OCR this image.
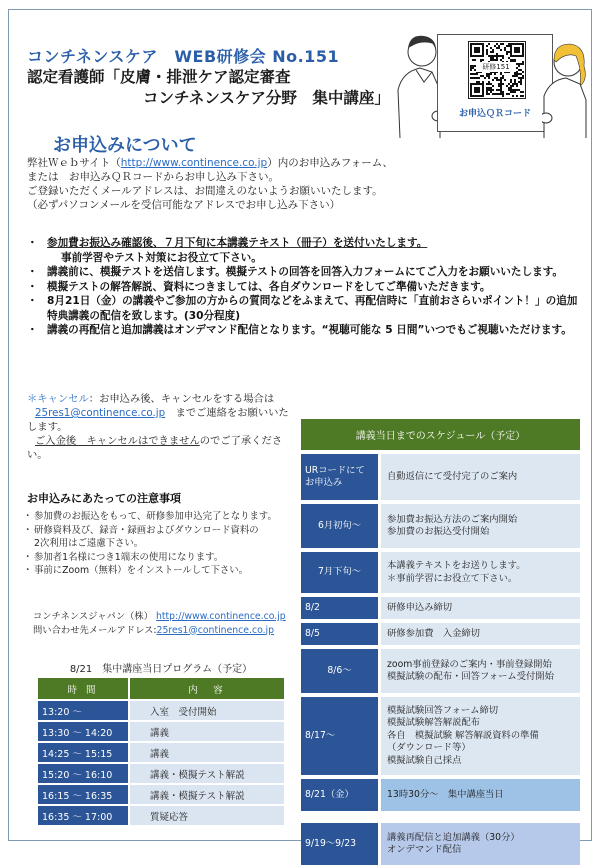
コンチネンスケア　WEB研修会 No.151
認定看護師「皮膚・排泄ケア認定審査
コンチネンスケア分野　集中講座」
研修151
お申込ＱＲコード
お申込みについて
弊社Ｗｅｂサイト（http://www.continence.co.jp）内のお申込みフォーム、
または　お申込みＱＲコードからお申し込み下さい。
ご登録いただくメールアドレスは、お間違えのないようお願いいたします。
（必ずパソコンメールを受信可能なアドレスでお申し込み下さい）
・ 参加費お振込み確認後、７月下旬に本講義テキスト（冊子）を送付いたします。
事前学習やテスト対策にお役立て下さい。
・ 講義前に、模擬テストを送信します。模擬テストの回答を回答入力フォームにてご入力をお願いいたします。
・ 模擬テストの解答解説、資料につきましては、各自ダウンロードをしてご準備いただきます。
・ 8月21日（金）の講義やご参加の方からの質問などをふまえて、再配信時に「直前おさらいポイント！」の追加特典講義の配信を致します。(30分程度)
・ 講義の再配信と追加講義はオンデマンド配信となります。“視聴可能な 5 日間”いつでもご視聴いただけます。
＊キャンセル：お申込み後、キャンセルをする場合は
25res1@continence.co.jp　までご連絡をお願いいたします。
ご入金後　キャンセルはできませんのでご了承ください。
お申込みにあたっての注意事項
・ 参加費のお振込をもって、研修参加申込完了となります。
・ 研修資料及び、録音・録画およびダウンロード資料の
2次利用はご遠慮下さい。
・ 参加者1名様につき1端末の使用になります。
・ 事前にZoom（無料）をインストールして下さい。
コンチネンスジャパン（株） http://www.continence.co.jp
問い合わせ先メールアドレス:25res1@continence.co.jp
8/21　集中講座当日プログラム（予定）
時 間	内　容
13:20 ～	入室　受付開始
13:30 ～ 14:20	講義
14:25 ～ 15:15	講義
15:20 ～ 16:10	講義・模擬テスト解説
16:15 ～ 16:35	講義・模擬テスト解説
16:35 ～ 17:00	質疑応答
講義当日までのスケジュール（予定）	
URコードにてお申込み	自動返信にて受付完了のご案内

6月初旬～	参加費お振込方法のご案内開始
参加費のお振込受付開始

7月下旬～	本講義テキストをお送りします。
＊事前学習にお役立て下さい。

8/2	研修申込み締切

8/5	研修参加費　入金締切

8/6～	zoom事前登録のご案内・事前登録開始
模擬試験の配布・回答フォーム受付開始

8/17～	模擬試験回答フォーム締切
模擬試験解答解説配布
各自　模擬試験 解答解説資料の準備
（ダウンロード等）
模擬試験自己採点

8/21（金）	13時30分～　集中講座当日

9/19～9/23	講義再配信と追加講義（30分）
オンデマンド配信
